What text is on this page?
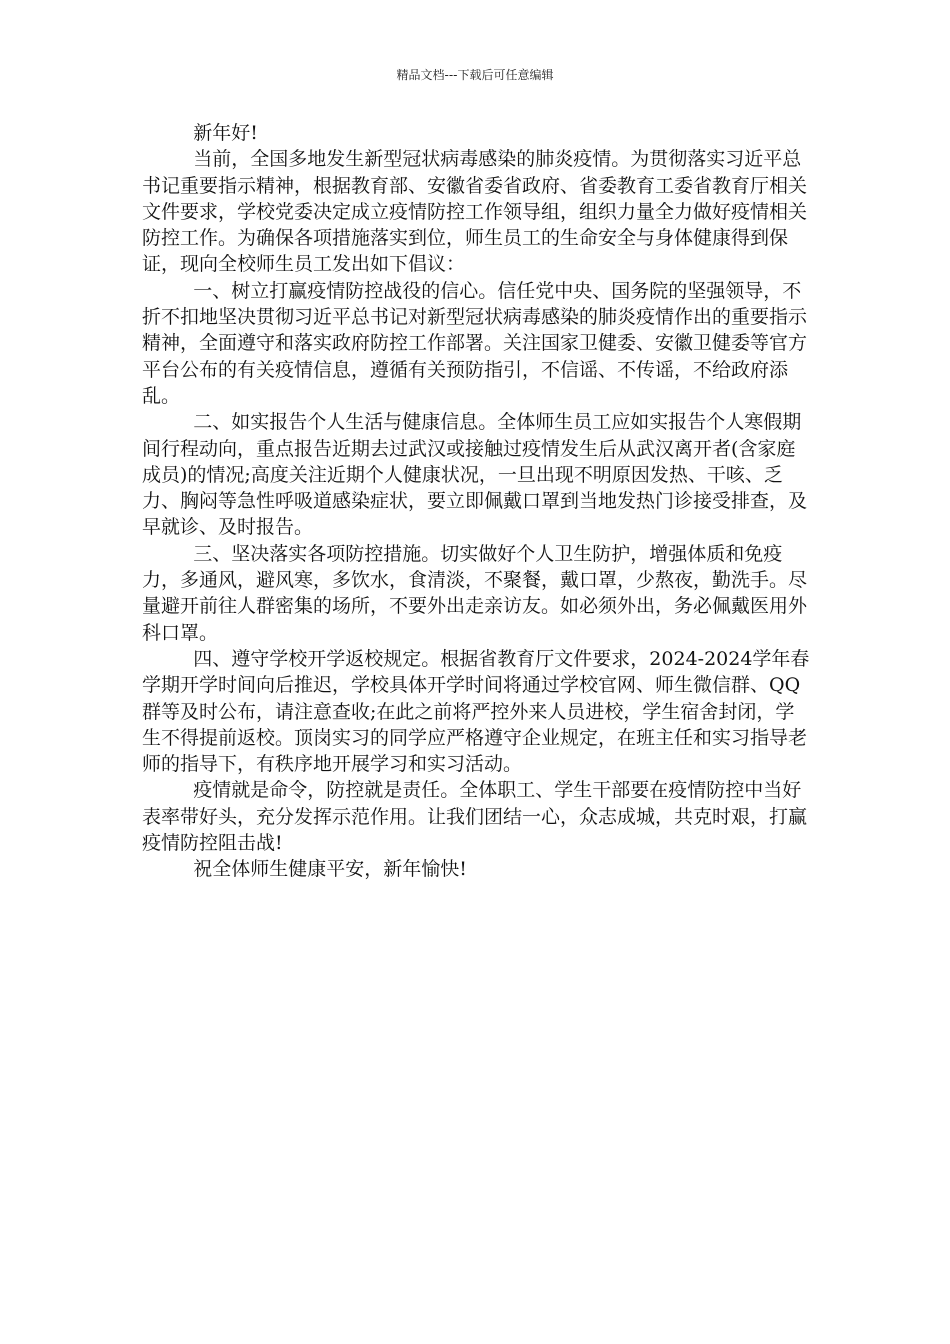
精品文档---下载后可任意编辑

新年好!

当前，全国多地发生新型冠状病毒感染的肺炎疫情。为贯彻落实习近平总书记重要指示精神，根据教育部、安徽省委省政府、省委教育工委省教育厅相关文件要求，学校党委决定成立疫情防控工作领导组，组织力量全力做好疫情相关防控工作。为确保各项措施落实到位，师生员工的生命安全与身体健康得到保证，现向全校师生员工发出如下倡议：

一、树立打赢疫情防控战役的信心。信任党中央、国务院的坚强领导，不折不扣地坚决贯彻习近平总书记对新型冠状病毒感染的肺炎疫情作出的重要指示精神，全面遵守和落实政府防控工作部署。关注国家卫健委、安徽卫健委等官方平台公布的有关疫情信息，遵循有关预防指引，不信谣、不传谣，不给政府添乱。

二、如实报告个人生活与健康信息。全体师生员工应如实报告个人寒假期间行程动向，重点报告近期去过武汉或接触过疫情发生后从武汉离开者(含家庭成员)的情况;高度关注近期个人健康状况，一旦出现不明原因发热、干咳、乏力、胸闷等急性呼吸道感染症状，要立即佩戴口罩到当地发热门诊接受排查，及早就诊、及时报告。

三、坚决落实各项防控措施。切实做好个人卫生防护，增强体质和免疫力，多通风，避风寒，多饮水，食清淡，不聚餐，戴口罩，少熬夜，勤洗手。尽量避开前往人群密集的场所，不要外出走亲访友。如必须外出，务必佩戴医用外科口罩。

四、遵守学校开学返校规定。根据省教育厅文件要求，2024-2024学年春学期开学时间向后推迟，学校具体开学时间将通过学校官网、师生微信群、QQ群等及时公布，请注意查收;在此之前将严控外来人员进校，学生宿舍封闭，学生不得提前返校。顶岗实习的同学应严格遵守企业规定，在班主任和实习指导老师的指导下，有秩序地开展学习和实习活动。

疫情就是命令，防控就是责任。全体职工、学生干部要在疫情防控中当好表率带好头，充分发挥示范作用。让我们团结一心，众志成城，共克时艰，打赢疫情防控阻击战!

祝全体师生健康平安，新年愉快!
